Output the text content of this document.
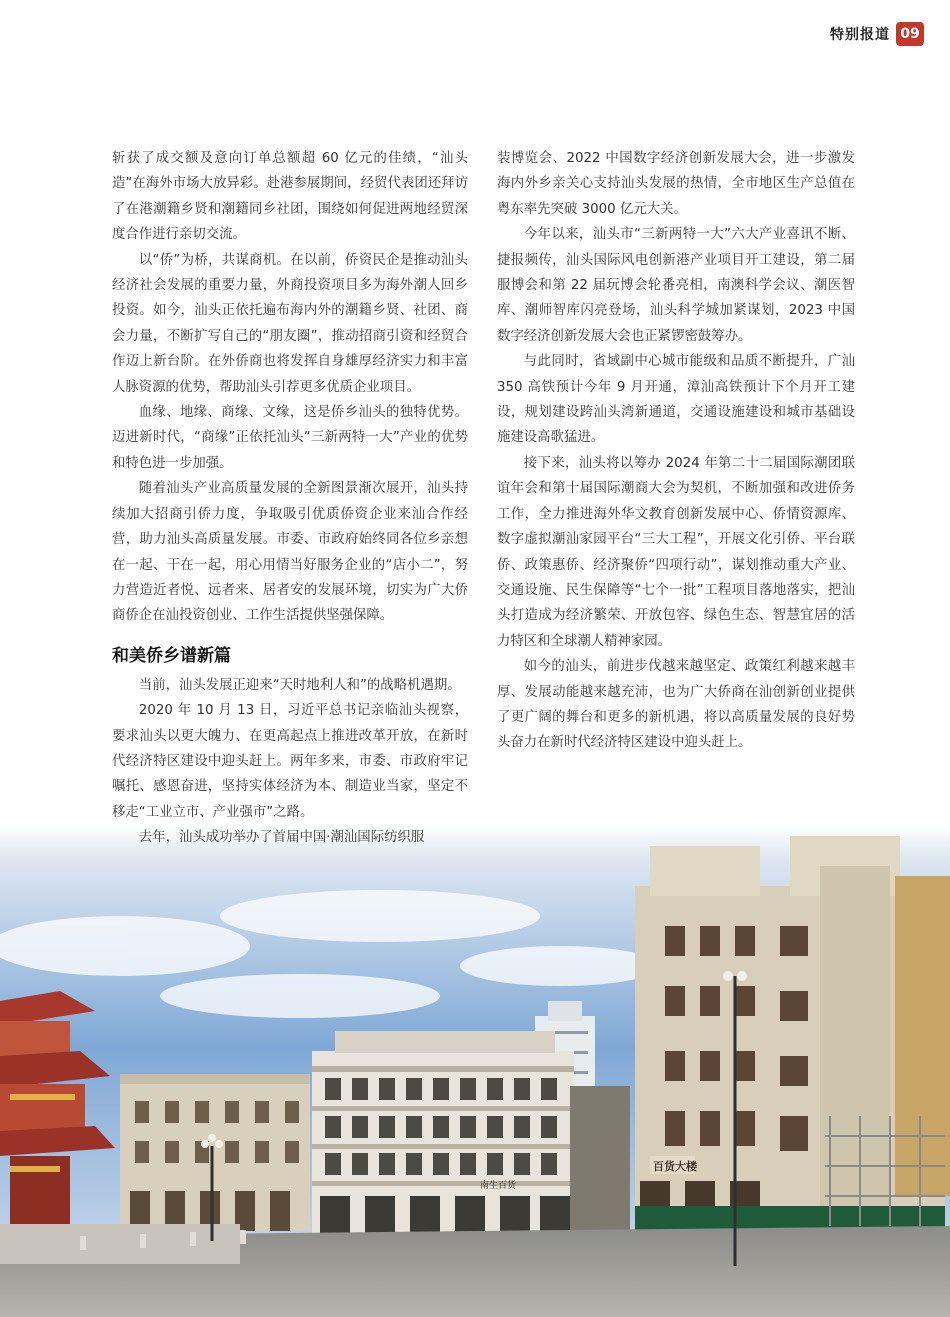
特别报道 09
南生百货
百货大楼

斩获了成交额及意向订单总额超 60 亿元的佳绩，“汕头造”在海外市场大放异彩。赴港参展期间，经贸代表团还拜访了在港潮籍乡贤和潮籍同乡社团，围绕如何促进两地经贸深度合作进行亲切交流。

以“侨”为桥，共谋商机。在以前，侨资民企是推动汕头经济社会发展的重要力量，外商投资项目多为海外潮人回乡投资。如今，汕头正依托遍布海内外的潮籍乡贤、社团、商会力量，不断扩写自己的“朋友圈”，推动招商引资和经贸合作迈上新台阶。在外侨商也将发挥自身雄厚经济实力和丰富人脉资源的优势，帮助汕头引荐更多优质企业项目。

血缘、地缘、商缘、文缘，这是侨乡汕头的独特优势。迈进新时代，“商缘”正依托汕头“三新两特一大”产业的优势和特色进一步加强。

随着汕头产业高质量发展的全新图景渐次展开，汕头持续加大招商引侨力度，争取吸引优质侨资企业来汕合作经营，助力汕头高质量发展。市委、市政府始终同各位乡亲想在一起、干在一起，用心用情当好服务企业的“店小二”，努力营造近者悦、远者来、居者安的发展环境，切实为广大侨商侨企在汕投资创业、工作生活提供坚强保障。

和美侨乡谱新篇

当前，汕头发展正迎来“天时地利人和”的战略机遇期。

2020 年 10 月 13 日，习近平总书记亲临汕头视察，要求汕头以更大魄力、在更高起点上推进改革开放，在新时代经济特区建设中迎头赶上。两年多来，市委、市政府牢记嘱托、感恩奋进，坚持实体经济为本、制造业当家，坚定不移走“工业立市、产业强市”之路。

去年，汕头成功举办了首届中国·潮汕国际纺织服

装博览会、2022 中国数字经济创新发展大会，进一步激发海内外乡亲关心支持汕头发展的热情，全市地区生产总值在粤东率先突破 3000 亿元大关。

今年以来，汕头市“三新两特一大”六大产业喜讯不断、捷报频传，汕头国际风电创新港产业项目开工建设，第二届服博会和第 22 届玩博会轮番亮相，南澳科学会议、潮医智库、潮师智库闪亮登场，汕头科学城加紧谋划，2023 中国数字经济创新发展大会也正紧锣密鼓筹办。

与此同时，省域副中心城市能级和品质不断提升，广汕 350 高铁预计今年 9 月开通，漳汕高铁预计下个月开工建设，规划建设跨汕头湾新通道，交通设施建设和城市基础设施建设高歌猛进。

接下来，汕头将以筹办 2024 年第二十二届国际潮团联谊年会和第十届国际潮商大会为契机，不断加强和改进侨务工作，全力推进海外华文教育创新发展中心、侨情资源库、数字虚拟潮汕家园平台“三大工程”，开展文化引侨、平台联侨、政策惠侨、经济聚侨“四项行动”，谋划推动重大产业、交通设施、民生保障等“七个一批”工程项目落地落实，把汕头打造成为经济繁荣、开放包容、绿色生态、智慧宜居的活力特区和全球潮人精神家园。

如今的汕头，前进步伐越来越坚定、政策红利越来越丰厚、发展动能越来越充沛，也为广大侨商在汕创新创业提供了更广阔的舞台和更多的新机遇，将以高质量发展的良好势头奋力在新时代经济特区建设中迎头赶上。
